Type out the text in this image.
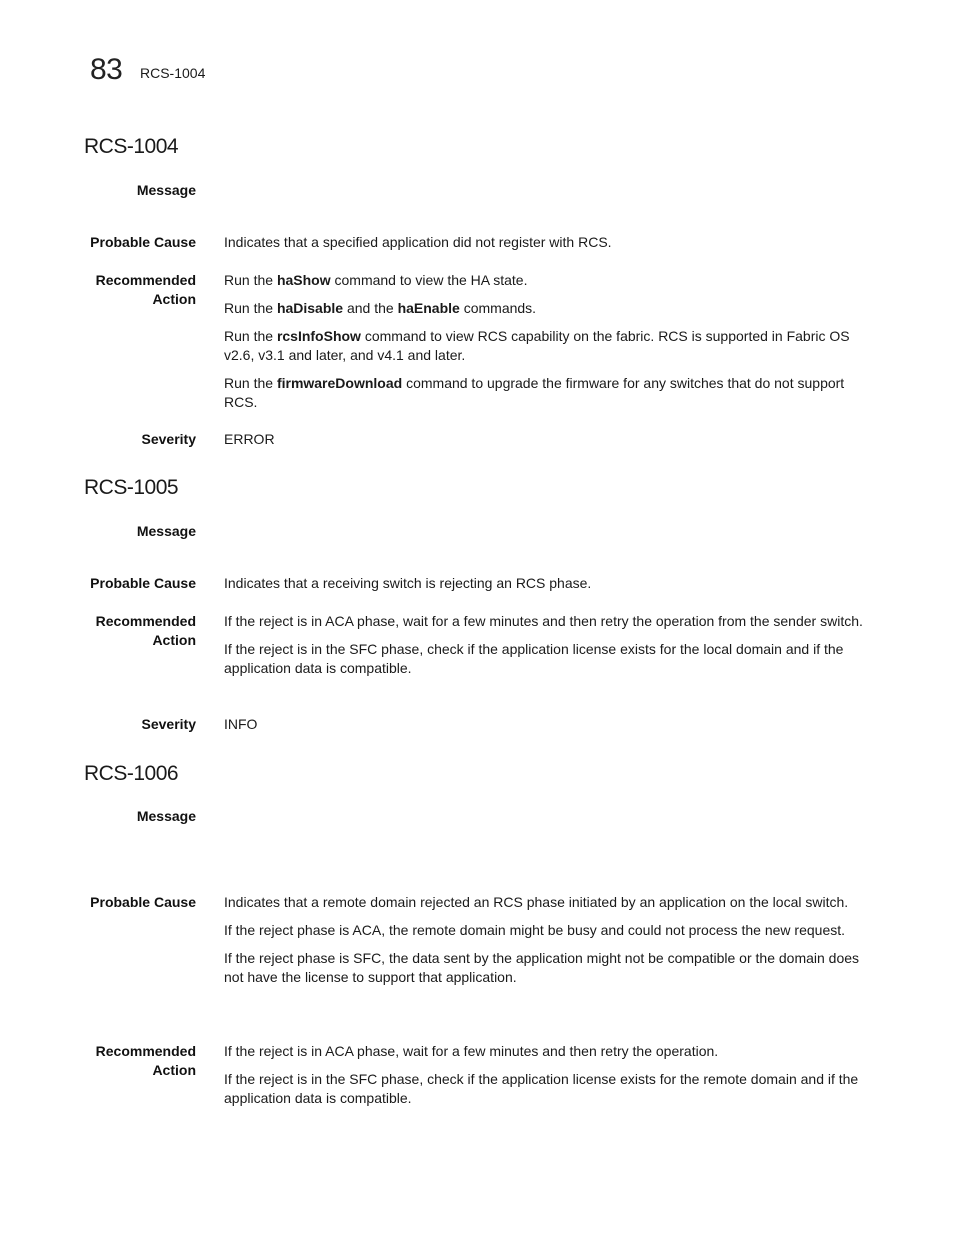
83 RCS-1004
RCS-1004
Message
Probable Cause Indicates that a specified application did not register with RCS.

Recommended
Action

Run the haShow command to view the HA state.

Run the haDisable and the haEnable commands.

Run the rcsInfoShow command to view RCS capability on the fabric. RCS is supported in Fabric OS v2.6, v3.1 and later, and v4.1 and later.

Run the firmwareDownload command to upgrade the firmware for any switches that do not support RCS.

Severity ERROR
RCS-1005
Message
Probable Cause Indicates that a receiving switch is rejecting an RCS phase.

Recommended
Action

If the reject is in ACA phase, wait for a few minutes and then retry the operation from the sender switch.

If the reject is in the SFC phase, check if the application license exists for the local domain and if the application data is compatible.

Severity INFO
RCS-1006
Message
Probable Cause Indicates that a remote domain rejected an RCS phase initiated by an application on the local switch.

If the reject phase is ACA, the remote domain might be busy and could not process the new request.

If the reject phase is SFC, the data sent by the application might not be compatible or the domain does not have the license to support that application.

Recommended
Action

If the reject is in ACA phase, wait for a few minutes and then retry the operation.

If the reject is in the SFC phase, check if the application license exists for the remote domain and if the application data is compatible.
